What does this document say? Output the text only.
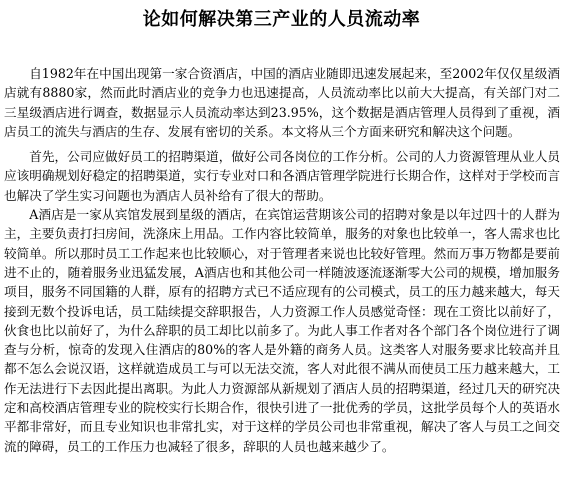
论如何解决第三产业的人员流动率

自1982年在中国出现第一家合资酒店，中国的酒店业随即迅速发展起来，至2002年仅仅星级酒店就有8880家，然而此时酒店业的竞争力也迅速提高，人员流动率比以前大大提高，有关部门对二三星级酒店进行调查，数据显示人员流动率达到23.95%，这个数据是酒店管理人员得到了重视，酒店员工的流失与酒店的生存、发展有密切的关系。本文将从三个方面来研究和解决这个问题。

首先，公司应做好员工的招聘渠道，做好公司各岗位的工作分析。公司的人力资源管理从业人员应该明确规划好稳定的招聘渠道，实行专业对口和各酒店管理学院进行长期合作，这样对于学校而言也解决了学生实习问题也为酒店人员补给有了很大的帮助。

A酒店是一家从宾馆发展到星级的酒店，在宾馆运营期该公司的招聘对象是以年过四十的人群为主，主要负责打扫房间，洗涤床上用品。工作内容比较简单，服务的对象也比较单一，客人需求也比较简单。所以那时员工工作起来也比较顺心，对于管理者来说也比较好管理。然而万事万物都是要前进不止的，随着服务业迅猛发展，A酒店也和其他公司一样随波逐流逐渐零大公司的规模，增加服务项目，服务不同国籍的人群，原有的招聘方式已不适应现有的公司模式，员工的压力越来越大，每天接到无数个投诉电话，员工陆续提交辞职报告，人力资源工作人员感觉奇怪：现在工资比以前好了，伙食也比以前好了，为什么辞职的员工却比以前多了。为此人事工作者对各个部门各个岗位进行了调查与分析，惊奇的发现入住酒店的80%的客人是外籍的商务人员。这类客人对服务要求比较高并且都不怎么会说汉语，这样就造成员工与可以无法交流，客人对此很不满从而使员工压力越来越大，工作无法进行下去因此提出离职。为此人力资源部从新规划了酒店人员的招聘渠道，经过几天的研究决定和高校酒店管理专业的院校实行长期合作，很快引进了一批优秀的学员，这批学员每个人的英语水平都非常好，而且专业知识也非常扎实，对于这样的学员公司也非常重视，解决了客人与员工之间交流的障碍，员工的工作压力也减轻了很多，辞职的人员也越来越少了。
